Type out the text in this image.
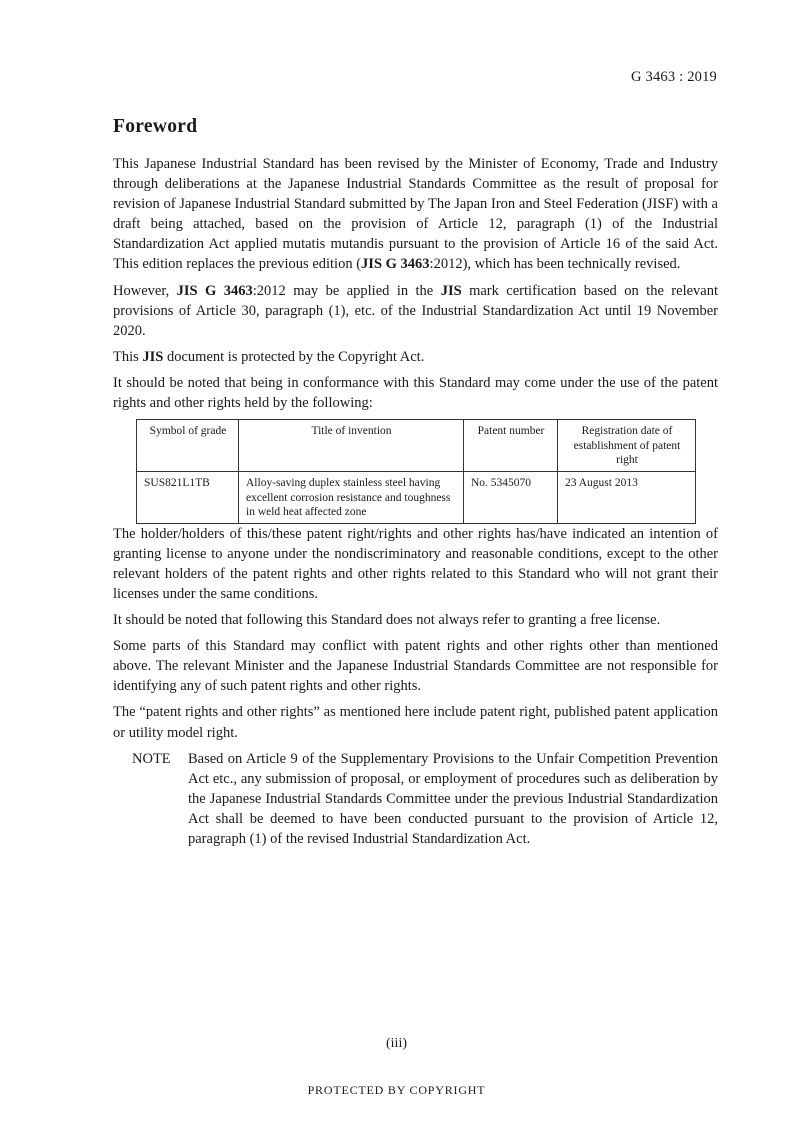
G 3463 : 2019
Foreword

This Japanese Industrial Standard has been revised by the Minister of Economy, Trade and Industry through deliberations at the Japanese Industrial Standards Committee as the result of proposal for revision of Japanese Industrial Standard submitted by The Japan Iron and Steel Federation (JISF) with a draft being attached, based on the provision of Article 12, paragraph (1) of the Industrial Standardization Act applied mutatis mutandis pursuant to the provision of Article 16 of the said Act. This edition replaces the previous edition (JIS G 3463:2012), which has been technically revised.

However, JIS G 3463:2012 may be applied in the JIS mark certification based on the relevant provisions of Article 30, paragraph (1), etc. of the Industrial Standardization Act until 19 November 2020.

This JIS document is protected by the Copyright Act.

It should be noted that being in conformance with this Standard may come under the use of the patent rights and other rights held by the following:

Symbol of grade	Title of invention	Patent number	Registration date of establishment of patent right
SUS821L1TB	Alloy-saving duplex stainless steel having excellent corrosion resistance and toughness in weld heat affected zone	No. 5345070	23 August 2013

The holder/holders of this/these patent right/rights and other rights has/have indicated an intention of granting license to anyone under the nondiscriminatory and reasonable conditions, except to the other relevant holders of the patent rights and other rights related to this Standard who will not grant their licenses under the same conditions.

It should be noted that following this Standard does not always refer to granting a free license.

Some parts of this Standard may conflict with patent rights and other rights other than mentioned above. The relevant Minister and the Japanese Industrial Standards Committee are not responsible for identifying any of such patent rights and other rights.

The “patent rights and other rights” as mentioned here include patent right, published patent application or utility model right.

NOTE	Based on Article 9 of the Supplementary Provisions to the Unfair Competition Prevention Act etc., any submission of proposal, or employment of procedures such as deliberation by the Japanese Industrial Standards Committee under the previous Industrial Standardization Act shall be deemed to have been conducted pursuant to the provision of Article 12, paragraph (1) of the revised Industrial Standardization Act.
(iii)
PROTECTED BY COPYRIGHT
